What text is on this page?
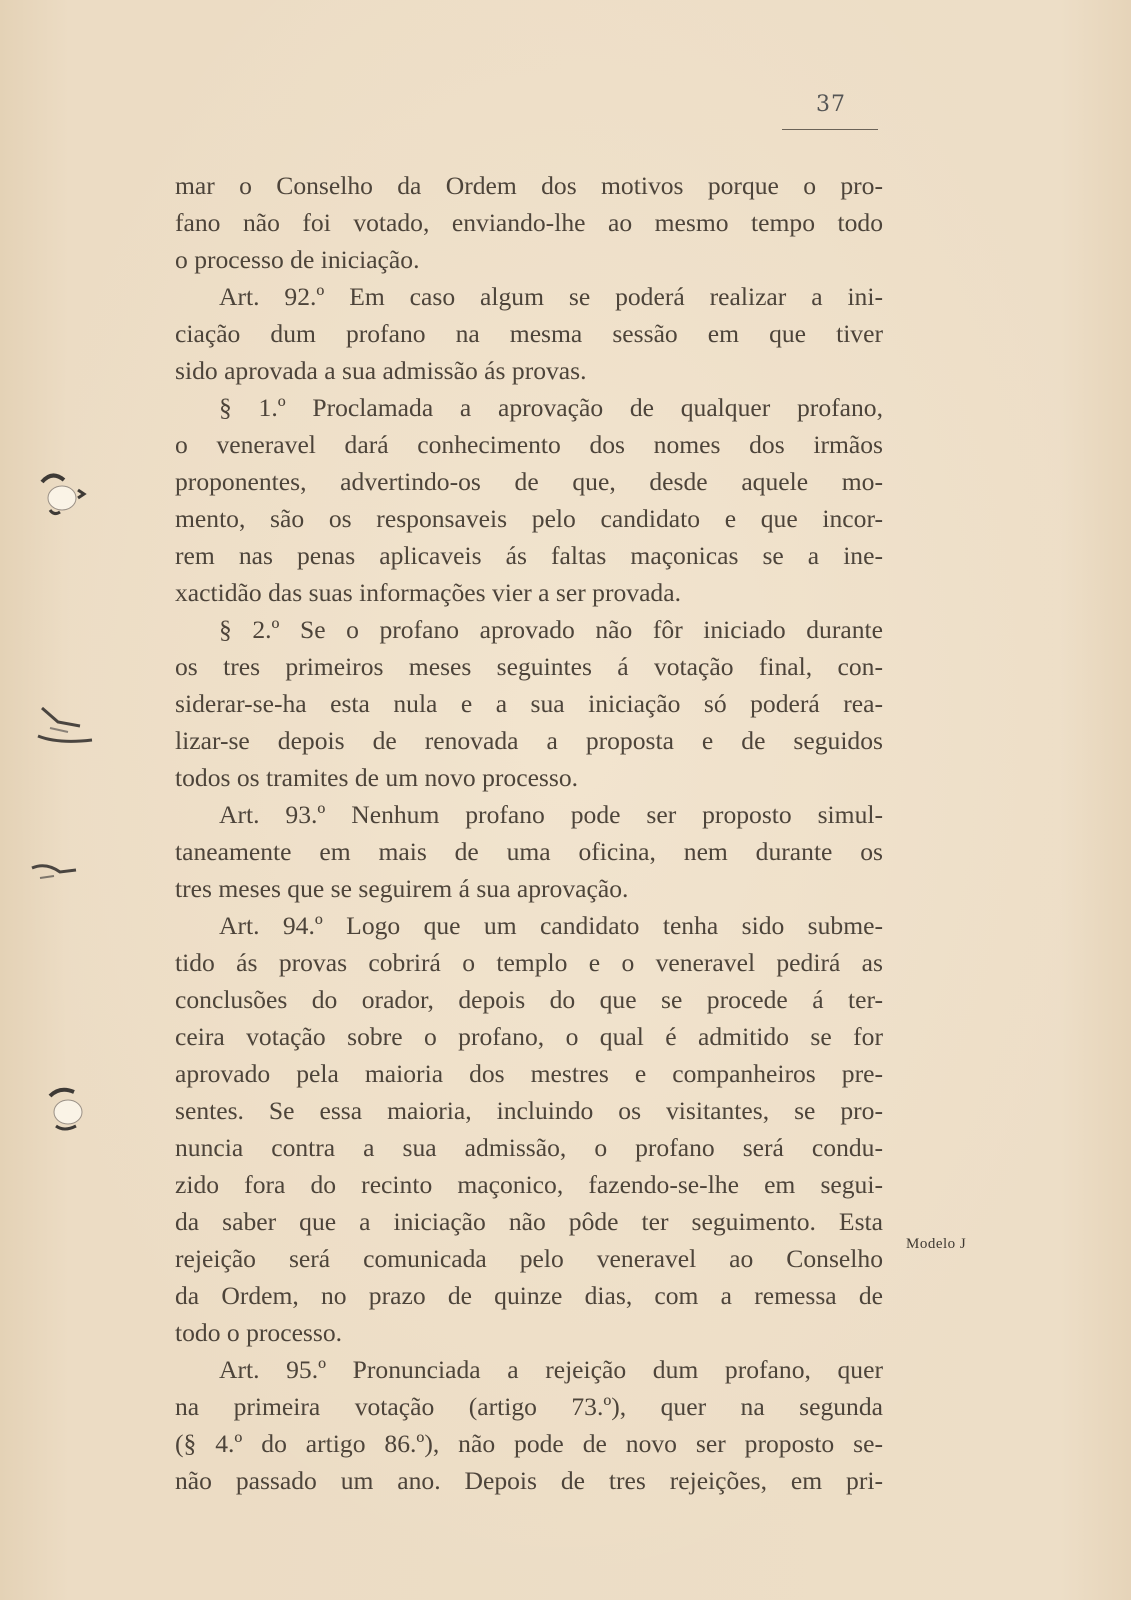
37
mar o Conselho da Ordem dos motivos porque o pro-
fano não foi votado, enviando-lhe ao mesmo tempo todo
o processo de iniciação.
Art. 92.º Em caso algum se poderá realizar a ini-
ciação dum profano na mesma sessão em que tiver
sido aprovada a sua admissão ás provas.
§ 1.º Proclamada a aprovação de qualquer profano,
o veneravel dará conhecimento dos nomes dos irmãos
proponentes, advertindo-os de que, desde aquele mo-
mento, são os responsaveis pelo candidato e que incor-
rem nas penas aplicaveis ás faltas maçonicas se a ine-
xactidão das suas informações vier a ser provada.
§ 2.º Se o profano aprovado não fôr iniciado durante
os tres primeiros meses seguintes á votação final, con-
siderar-se-ha esta nula e a sua iniciação só poderá rea-
lizar-se depois de renovada a proposta e de seguidos
todos os tramites de um novo processo.
Art. 93.º Nenhum profano pode ser proposto simul-
taneamente em mais de uma oficina, nem durante os
tres meses que se seguirem á sua aprovação.
Art. 94.º Logo que um candidato tenha sido subme-
tido ás provas cobrirá o templo e o veneravel pedirá as
conclusões do orador, depois do que se procede á ter-
ceira votação sobre o profano, o qual é admitido se for
aprovado pela maioria dos mestres e companheiros pre-
sentes. Se essa maioria, incluindo os visitantes, se pro-
nuncia contra a sua admissão, o profano será condu-
zido fora do recinto maçonico, fazendo-se-lhe em segui-
da saber que a iniciação não pôde ter seguimento. Esta
rejeição será comunicada pelo veneravel ao Conselho
da Ordem, no prazo de quinze dias, com a remessa de
todo o processo.
Art. 95.º Pronunciada a rejeição dum profano, quer
na primeira votação (artigo 73.º), quer na segunda
(§ 4.º do artigo 86.º), não pode de novo ser proposto se-
não passado um ano. Depois de tres rejeições, em pri-
Modelo J
